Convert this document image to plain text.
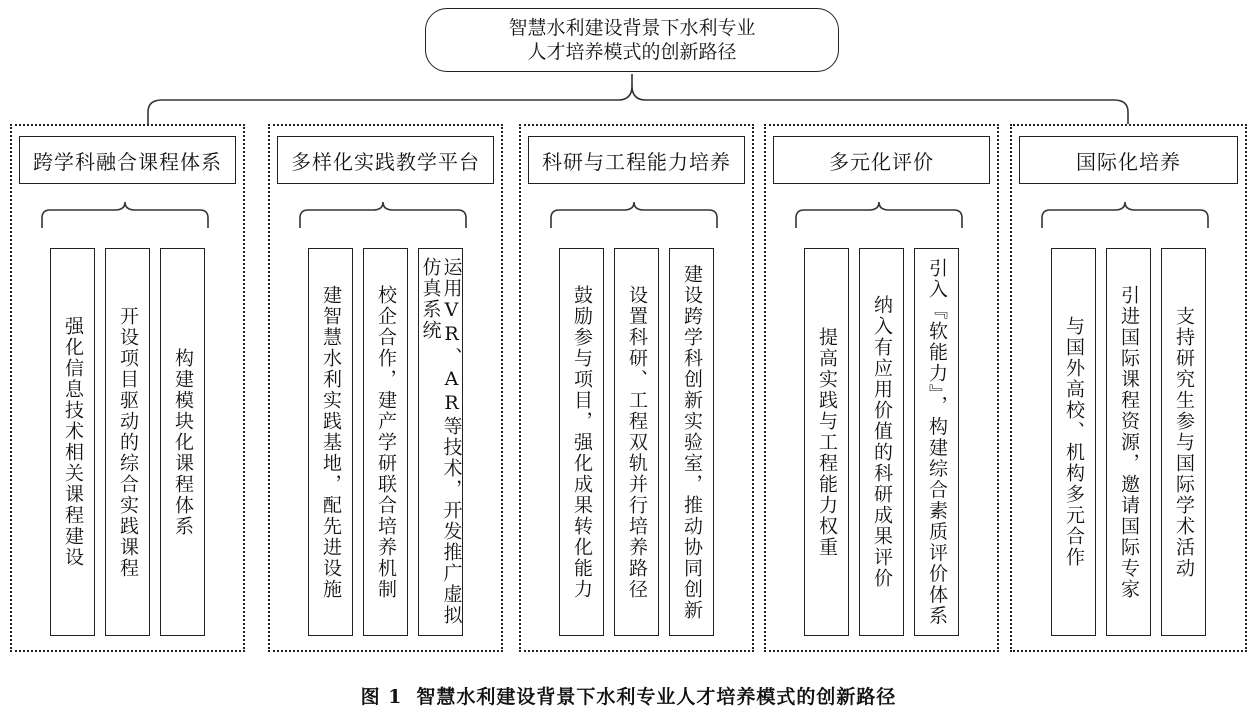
智慧水利建设背景下水利专业
人才培养模式的创新路径
跨学科融合课程体系
强化信息技术相关课程建设 开设项目驱动的综合实践课程 构建模块化课程体系
多样化实践教学平台
建智慧水利实践基地，配先进设施 校企合作，建产学研联合培养机制	运用VR、AR等技术，开发推广虚拟仿真系统
科研与工程能力培养
鼓励参与项目，强化成果转化能力 设置科研、工程双轨并行培养路径 建设跨学科创新实验室，推动协同创新
多元化评价
提高实践与工程能力权重 纳入有应用价值的科研成果评价 引入『软能力』，构建综合素质评价体系
国际化培养
与国外高校、机构多元合作 引进国际课程资源，邀请国际专家 支持研究生参与国际学术活动
图 1 智慧水利建设背景下水利专业人才培养模式的创新路径
